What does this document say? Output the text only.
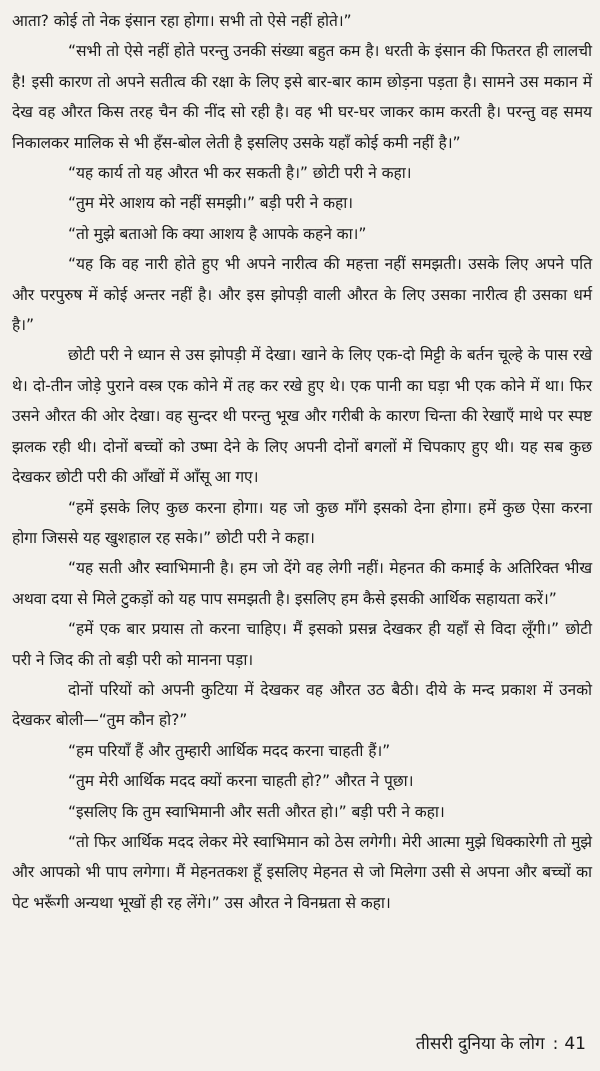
आता? कोई तो नेक इंसान रहा होगा। सभी तो ऐसे नहीं होते।”

“सभी तो ऐसे नहीं होते परन्तु उनकी संख्या बहुत कम है। धरती के इंसान की फितरत ही लालची है! इसी कारण तो अपने सतीत्व की रक्षा के लिए इसे बार-बार काम छोड़ना पड़ता है। सामने उस मकान में देख वह औरत किस तरह चैन की नींद सो रही है। वह भी घर-घर जाकर काम करती है। परन्तु वह समय निकालकर मालिक से भी हँस-बोल लेती है इसलिए उसके यहाँ कोई कमी नहीं है।”

“यह कार्य तो यह औरत भी कर सकती है।” छोटी परी ने कहा।

“तुम मेरे आशय को नहीं समझी।” बड़ी परी ने कहा।

“तो मुझे बताओ कि क्या आशय है आपके कहने का।”

“यह कि वह नारी होते हुए भी अपने नारीत्व की महत्ता नहीं समझती। उसके लिए अपने पति और परपुरुष में कोई अन्तर नहीं है। और इस झोपड़ी वाली औरत के लिए उसका नारीत्व ही उसका धर्म है।”

छोटी परी ने ध्यान से उस झोपड़ी में देखा। खाने के लिए एक-दो मिट्टी के बर्तन चूल्हे के पास रखे थे। दो-तीन जोड़े पुराने वस्त्र एक कोने में तह कर रखे हुए थे। एक पानी का घड़ा भी एक कोने में था। फिर उसने औरत की ओर देखा। वह सुन्दर थी परन्तु भूख और गरीबी के कारण चिन्ता की रेखाएँ माथे पर स्पष्ट झलक रही थी। दोनों बच्चों को उष्मा देने के लिए अपनी दोनों बगलों में चिपकाए हुए थी। यह सब कुछ देखकर छोटी परी की आँखों में आँसू आ गए।

“हमें इसके लिए कुछ करना होगा। यह जो कुछ माँगे इसको देना होगा। हमें कुछ ऐसा करना होगा जिससे यह खुशहाल रह सके।” छोटी परी ने कहा।

“यह सती और स्वाभिमानी है। हम जो देंगे वह लेगी नहीं। मेहनत की कमाई के अतिरिक्त भीख अथवा दया से मिले टुकड़ों को यह पाप समझती है। इसलिए हम कैसे इसकी आर्थिक सहायता करें।”

“हमें एक बार प्रयास तो करना चाहिए। मैं इसको प्रसन्न देखकर ही यहाँ से विदा लूँगी।” छोटी परी ने जिद की तो बड़ी परी को मानना पड़ा।

दोनों परियों को अपनी कुटिया में देखकर वह औरत उठ बैठी। दीये के मन्द प्रकाश में उनको देखकर बोली—“तुम कौन हो?”

“हम परियाँ हैं और तुम्हारी आर्थिक मदद करना चाहती हैं।”

“तुम मेरी आर्थिक मदद क्यों करना चाहती हो?” औरत ने पूछा।

“इसलिए कि तुम स्वाभिमानी और सती औरत हो।” बड़ी परी ने कहा।

“तो फिर आर्थिक मदद लेकर मेरे स्वाभिमान को ठेस लगेगी। मेरी आत्मा मुझे धिक्कारेगी तो मुझे और आपको भी पाप लगेगा। मैं मेहनतकश हूँ इसलिए मेहनत से जो मिलेगा उसी से अपना और बच्चों का पेट भरूँगी अन्यथा भूखों ही रह लेंगे।” उस औरत ने विनम्रता से कहा।

तीसरी दुनिया के लोग : 41
